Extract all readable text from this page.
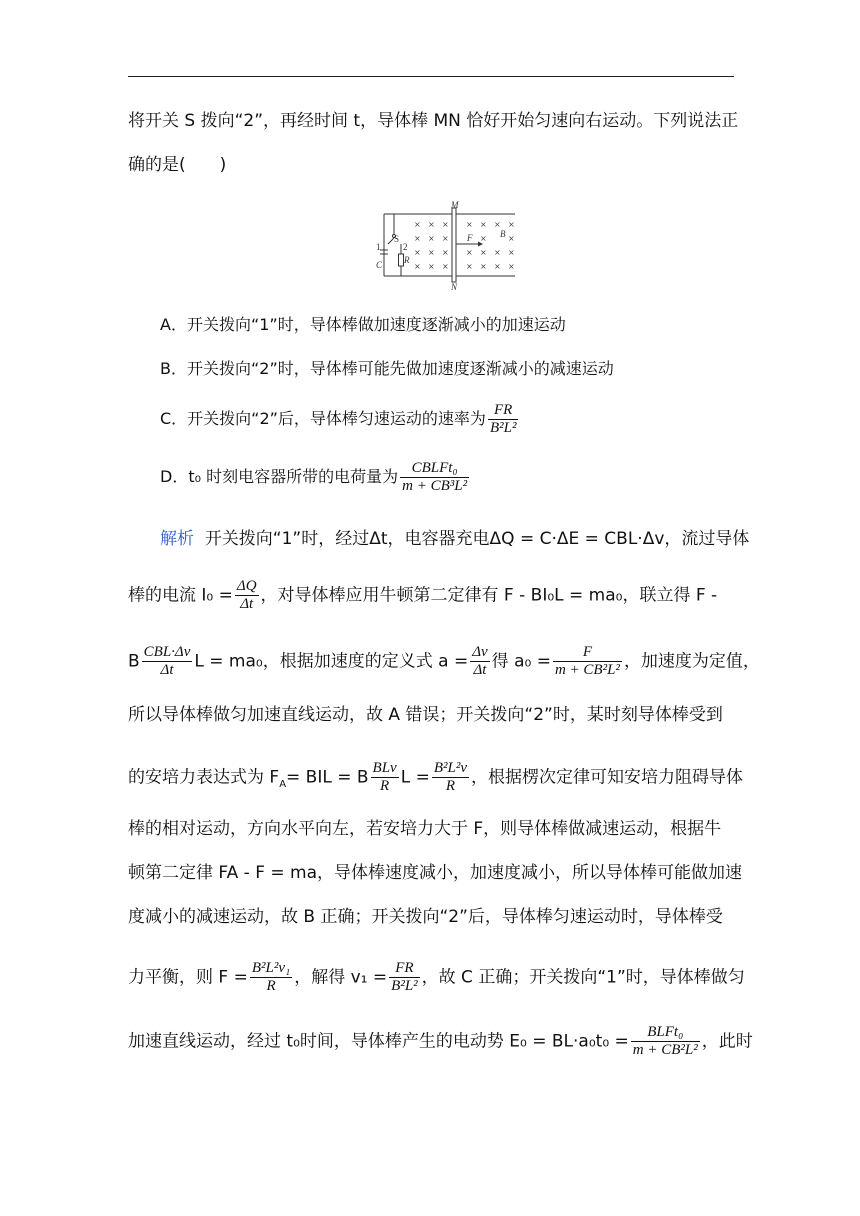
将开关 S 拨向“2”，再经时间 t，导体棒 MN 恰好开始匀速向右运动。下列说法正
确的是(　　)
M
N
S
1	2
R
C
F	B
× × × × × × ×
× × ×	×	×
× × × × × × ×
× × × × × × ×
A．开关拨向“1”时，导体棒做加速度逐渐减小的加速运动
B．开关拨向“2”时，导体棒可能先做加速度逐渐减小的减速运动
C．开关拨向“2”后，导体棒匀速运动的速率为 $\frac{FR}{\text{B²L²}}$
D．t₀ 时刻电容器所带的电荷量为 $\frac{\text{CBLFt₀}}{\text{m + CB³L²}}$
解析 开关拨向“1”时，经过Δt，电容器充电ΔQ = C·ΔE = CBL·Δv，流过导体
棒的电流 $I_0 = \frac{\Delta Q}{\Delta t}$ ，对导体棒应用牛顿第二定律有 F - BI₀L = ma₀，联立得 F -
B $\frac{\text{CBL·Δv}}{\Delta t}$ L = ma₀，根据加速度的定义式 $a = \frac{\Delta v}{\Delta t}$ 得 $a_0 = \frac{F}{\text{m + CB²L²}}$ ，加速度为定值，
所以导体棒做匀加速直线运动，故 A 错误；开关拨向“2”时，某时刻导体棒受到
的安培力表达式为 $F_A=$ BIL = B $\frac{\text{BLv}}{R}$ $L = \frac{\text{B²L²v}}{R}$ ，根据楞次定律可知安培力阻碍导体
棒的相对运动，方向水平向左，若安培力大于 F，则导体棒做减速运动，根据牛
顿第二定律 FA - F = ma，导体棒速度减小，加速度减小，所以导体棒可能做加速
度减小的减速运动，故 B 正确；开关拨向“2”后，导体棒匀速运动时，导体棒受
力平衡，则 $F = \frac{\text{B²L²v₁}}{R}$ ，解得 $v_1 = \frac{FR}{\text{B²L²}}$ ，故 C 正确；开关拨向“1”时，导体棒做匀
加速直线运动，经过 t₀时间，导体棒产生的电动势 $E_0 = BL\cdot a_0t_0 = \frac{\text{BLFt₀}}{\text{m + CB²L²}}$ ，此时
